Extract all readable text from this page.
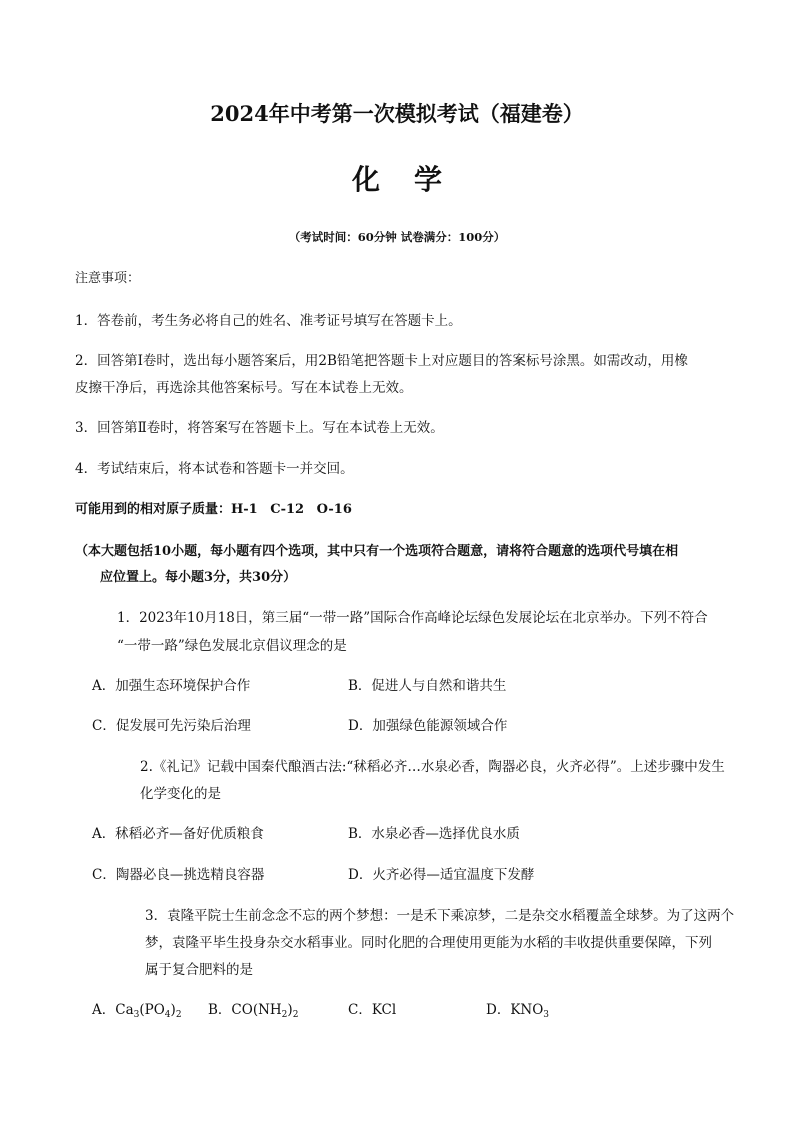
2024年中考第一次模拟考试（福建卷）
化学
（考试时间：60分钟 试卷满分：100分）
注意事项：
1．答卷前，考生务必将自己的姓名、准考证号填写在答题卡上。
2．回答第Ⅰ卷时，选出每小题答案后，用2B铅笔把答题卡上对应题目的答案标号涂黑。如需改动，用橡
皮擦干净后，再选涂其他答案标号。写在本试卷上无效。
3．回答第Ⅱ卷时，将答案写在答题卡上。写在本试卷上无效。
4．考试结束后，将本试卷和答题卡一并交回。
可能用到的相对原子质量：H-1 C-12 O-16
（本大题包括10小题，每小题有四个选项，其中只有一个选项符合题意，请将符合题意的选项代号填在相
应位置上。每小题3分，共30分）
1．2023年10月18日，第三届“一带一路”国际合作高峰论坛绿色发展论坛在北京举办。下列不符合
“一带一路”绿色发展北京倡议理念的是
A．加强生态环境保护合作	B．促进人与自然和谐共生
C．促发展可先污染后治理	D．加强绿色能源领域合作
2.《礼记》记载中国秦代酿酒古法:“秫稻必齐…水泉必香，陶器必良，火齐必得”。上述步骤中发生
化学变化的是
A．秫稻必齐—备好优质粮食	B．水泉必香—选择优良水质
C．陶器必良—挑选精良容器	D．火齐必得—适宜温度下发酵
3．袁隆平院士生前念念不忘的两个梦想：一是禾下乘凉梦，二是杂交水稻覆盖全球梦。为了这两个
梦，袁隆平毕生投身杂交水稻事业。同时化肥的合理使用更能为水稻的丰收提供重要保障，下列
属于复合肥料的是
A．$Ca_3(PO_4)_2$ B．$CO(NH_2)_2$	C．KCl	D．$KNO_3$
